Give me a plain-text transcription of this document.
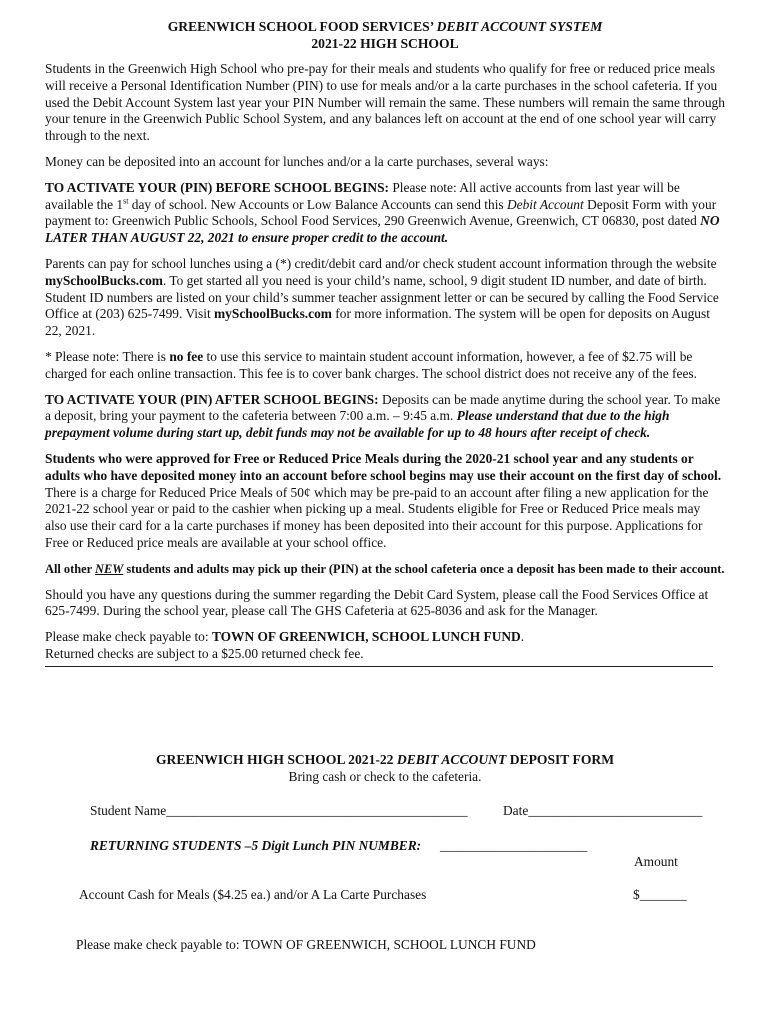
GREENWICH SCHOOL FOOD SERVICES’ DEBIT ACCOUNT SYSTEM
2021-22 HIGH SCHOOL

Students in the Greenwich High School who pre-pay for their meals and students who qualify for free or reduced price meals will receive a Personal Identification Number (PIN) to use for meals and/or a la carte purchases in the school cafeteria. If you used the Debit Account System last year your PIN Number will remain the same. These numbers will remain the same through your tenure in the Greenwich Public School System, and any balances left on account at the end of one school year will carry through to the next.

Money can be deposited into an account for lunches and/or a la carte purchases, several ways:

TO ACTIVATE YOUR (PIN) BEFORE SCHOOL BEGINS: Please note: All active accounts from last year will be available the 1st day of school. New Accounts or Low Balance Accounts can send this Debit Account Deposit Form with your payment to: Greenwich Public Schools, School Food Services, 290 Greenwich Avenue, Greenwich, CT 06830, post dated NO LATER THAN AUGUST 22, 2021 to ensure proper credit to the account.

Parents can pay for school lunches using a (*) credit/debit card and/or check student account information through the website mySchoolBucks.com. To get started all you need is your child’s name, school, 9 digit student ID number, and date of birth. Student ID numbers are listed on your child’s summer teacher assignment letter or can be secured by calling the Food Service Office at (203) 625-7499. Visit mySchoolBucks.com for more information. The system will be open for deposits on August 22, 2021.

* Please note: There is no fee to use this service to maintain student account information, however, a fee of $2.75 will be charged for each online transaction. This fee is to cover bank charges. The school district does not receive any of the fees.

TO ACTIVATE YOUR (PIN) AFTER SCHOOL BEGINS: Deposits can be made anytime during the school year. To make a deposit, bring your payment to the cafeteria between 7:00 a.m. – 9:45 a.m. Please understand that due to the high prepayment volume during start up, debit funds may not be available for up to 48 hours after receipt of check.

Students who were approved for Free or Reduced Price Meals during the 2020-21 school year and any students or adults who have deposited money into an account before school begins may use their account on the first day of school. There is a charge for Reduced Price Meals of 50¢ which may be pre-paid to an account after filing a new application for the 2021-22 school year or paid to the cashier when picking up a meal. Students eligible for Free or Reduced Price meals may also use their card for a la carte purchases if money has been deposited into their account for this purpose. Applications for Free or Reduced price meals are available at your school office.

All other NEW students and adults may pick up their (PIN) at the school cafeteria once a deposit has been made to their account.

Should you have any questions during the summer regarding the Debit Card System, please call the Food Services Office at 625-7499. During the school year, please call The GHS Cafeteria at 625-8036 and ask for the Manager.

Please make check payable to: TOWN OF GREENWICH, SCHOOL LUNCH FUND.

Returned checks are subject to a $25.00 returned check fee.

GREENWICH HIGH SCHOOL 2021-22 DEBIT ACCOUNT DEPOSIT FORM
Bring cash or check to the cafeteria.
Student Name_____________________________________________	Date__________________________
RETURNING STUDENTS –5 Digit Lunch PIN NUMBER: ______________________
Amount
Account Cash for Meals ($4.25 ea.) and/or A La Carte Purchases	$_______
Please make check payable to: TOWN OF GREENWICH, SCHOOL LUNCH FUND
